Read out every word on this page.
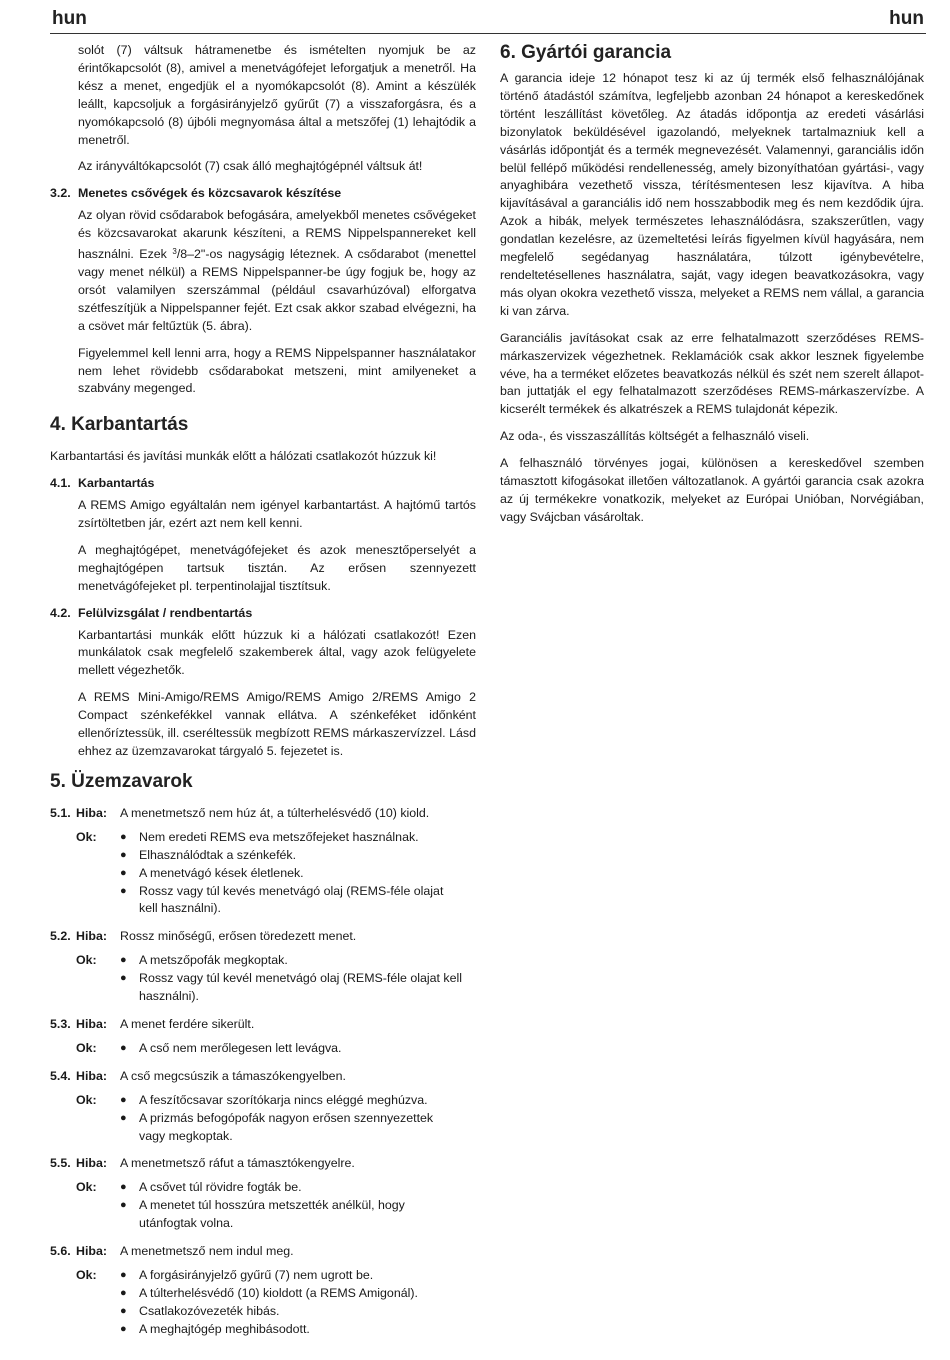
hun	hun

solót (7) váltsuk hátramenetbe és ismételten nyomjuk be az érintőkapcsolót (8), amivel a menetvágófejet leforgatjuk a menetről. Ha kész a menet, engedjük el a nyomókapcsolót (8). Amint a készülék leállt, kapcsoljuk a forgásirányjelző gyűrűt (7) a visszaforgásra, és a nyomókapcsoló (8) újbóli megnyomása által a metszőfej (1) lehajtódik a menetről.

Az irányváltókapcsolót (7) csak álló meghajtógépnél váltsuk át!

3.2. Menetes csővégek és közcsavarok készítése

Az olyan rövid csődarabok befogására, amelyekből menetes csővégeket és közcsavarokat akarunk készíteni, a REMS Nippelspannereket kell használni. Ezek $^3$/8–2"-os nagyságig léteznek. A csődarabot (menettel vagy menet nélkül) a REMS Nippelspanner-be úgy fogjuk be, hogy az orsót valamilyen szerszámmal (például csavarhúzóval) elforgatva szétfeszítjük a Nippelspanner fejét. Ezt csak akkor szabad elvégezni, ha a csövet már feltűztük (5. ábra).

Figyelemmel kell lenni arra, hogy a REMS Nippelspanner használatakor nem lehet rövidebb csődarabokat metszeni, mint amilyeneket a szabvány megenged.

4. Karbantartás

Karbantartási és javítási munkák előtt a hálózati csatlakozót húzzuk ki!

4.1. Karbantartás

A REMS Amigo egyáltalán nem igényel karbantartást. A hajtómű tartós zsírtöltetben jár, ezért azt nem kell kenni.

A meghajtógépet, menetvágófejeket és azok menesztőperselyét a meghajtógépen tartsuk tisztán. Az erősen szennyezett menetvágófejeket pl. terpentinolajjal tisztítsuk.

4.2. Felülvizsgálat / rendbentartás

Karbantartási munkák előtt húzzuk ki a hálózati csatlakozót! Ezen munkálatok csak megfelelő szakemberek által, vagy azok felügyelete mellett végezhetők.

A REMS Mini-Amigo/REMS Amigo/REMS Amigo 2/REMS Amigo 2 Compact szénkefékkel vannak ellátva. A szénkeféket időnként ellenőríztessük, ill. cseréltessük megbízott REMS márkaszervízzel. Lásd ehhez az üzemzavarokat tárgyaló 5. fejezetet is.

5. Üzemzavarok
5.1. Hiba:	A menetmetsző nem húz át, a túlterhelésvédő (10) kiold.
Ok:	● Nem eredeti REMS eva metszőfejeket használnak.
● Elhasználódtak a szénkefék.
● A menetvágó kések életlenek.
● Rossz vagy túl kevés menetvágó olaj (REMS-féle olajat kell használni).
5.2. Hiba:	Rossz minőségű, erősen töredezett menet.
Ok:	● A metszőpofák megkoptak.
● Rossz vagy túl kevél menetvágó olaj (REMS-féle olajat kell használni).
5.3. Hiba:	A menet ferdére sikerült.
Ok:	● A cső nem merőlegesen lett levágva.
5.4. Hiba:	A cső megcsúszik a támaszókengyelben.
Ok:	● A feszítőcsavar szorítókarja nincs eléggé meghúzva.
● A prizmás befogópofák nagyon erősen szennyezettek vagy megkoptak.
5.5. Hiba:	A menetmetsző ráfut a támasztókengyelre.
Ok:	● A csővet túl rövidre fogták be.
● A menetet túl hosszúra metszették anélkül, hogy utánfogtak volna.
5.6. Hiba:	A menetmetsző nem indul meg.
Ok:	● A forgásirányjelző gyűrű (7) nem ugrott be.
● A túlterhelésvédő (10) kioldott (a REMS Amigonál).
● Csatlakozóvezeték hibás.
● A meghajtógép meghibásodott.
6. Gyártói garancia

A garancia ideje 12 hónapot tesz ki az új termék első felhasználójának történő átadástól számítva, legfeljebb azonban 24 hónapot a kereskedőnek történt leszállítást követőleg. Az átadás időpontja az eredeti vásárlási bizonylatok beküldésével igazolandó, melyeknek tartalmazniuk kell a vásárlás időpontját és a termék megnevezését. Valamennyi, garanciális időn belül fellépő működési rendellenesség, amely bizonyíthatóan gyártási-, vagy anyaghibára vezethető vissza, térítésmentesen lesz kijavítva. A hiba kijavításával a garanciális idő nem hosszabbodik meg és nem kezdődik újra. Azok a hibák, melyek természetes lehasználódásra, szakszerűtlen, vagy gondatlan kezelésre, az üzemeltetési leírás figyelmen kívül hagyására, nem megfelelő segédanyag használatára, túlzott igénybevételre, rendeltetésellenes használatra, saját, vagy idegen beavatkozásokra, vagy más olyan okokra vezethető vissza, melyeket a REMS nem vállal, a garancia ki van zárva.

Garanciális javításokat csak az erre felhatalmazott szerződéses REMS-márkaszervizek végezhetnek. Reklamációk csak akkor lesznek figyelembe véve, ha a terméket előzetes beavatkozás nélkül és szét nem szerelt állapot- ban juttatják el egy felhatalmazott szerződéses REMS-márkaszervízbe. A kicserélt termékek és alkatrészek a REMS tulajdonát képezik.

Az oda-, és visszaszállítás költségét a felhasználó viseli.

A felhasználó törvényes jogai, különösen a kereskedővel szemben támasztott kifogásokat illetően változatlanok. A gyártói garancia csak azokra az új termékekre vonatkozik, melyeket az Európai Unióban, Norvégiában, vagy Svájcban vásároltak.
